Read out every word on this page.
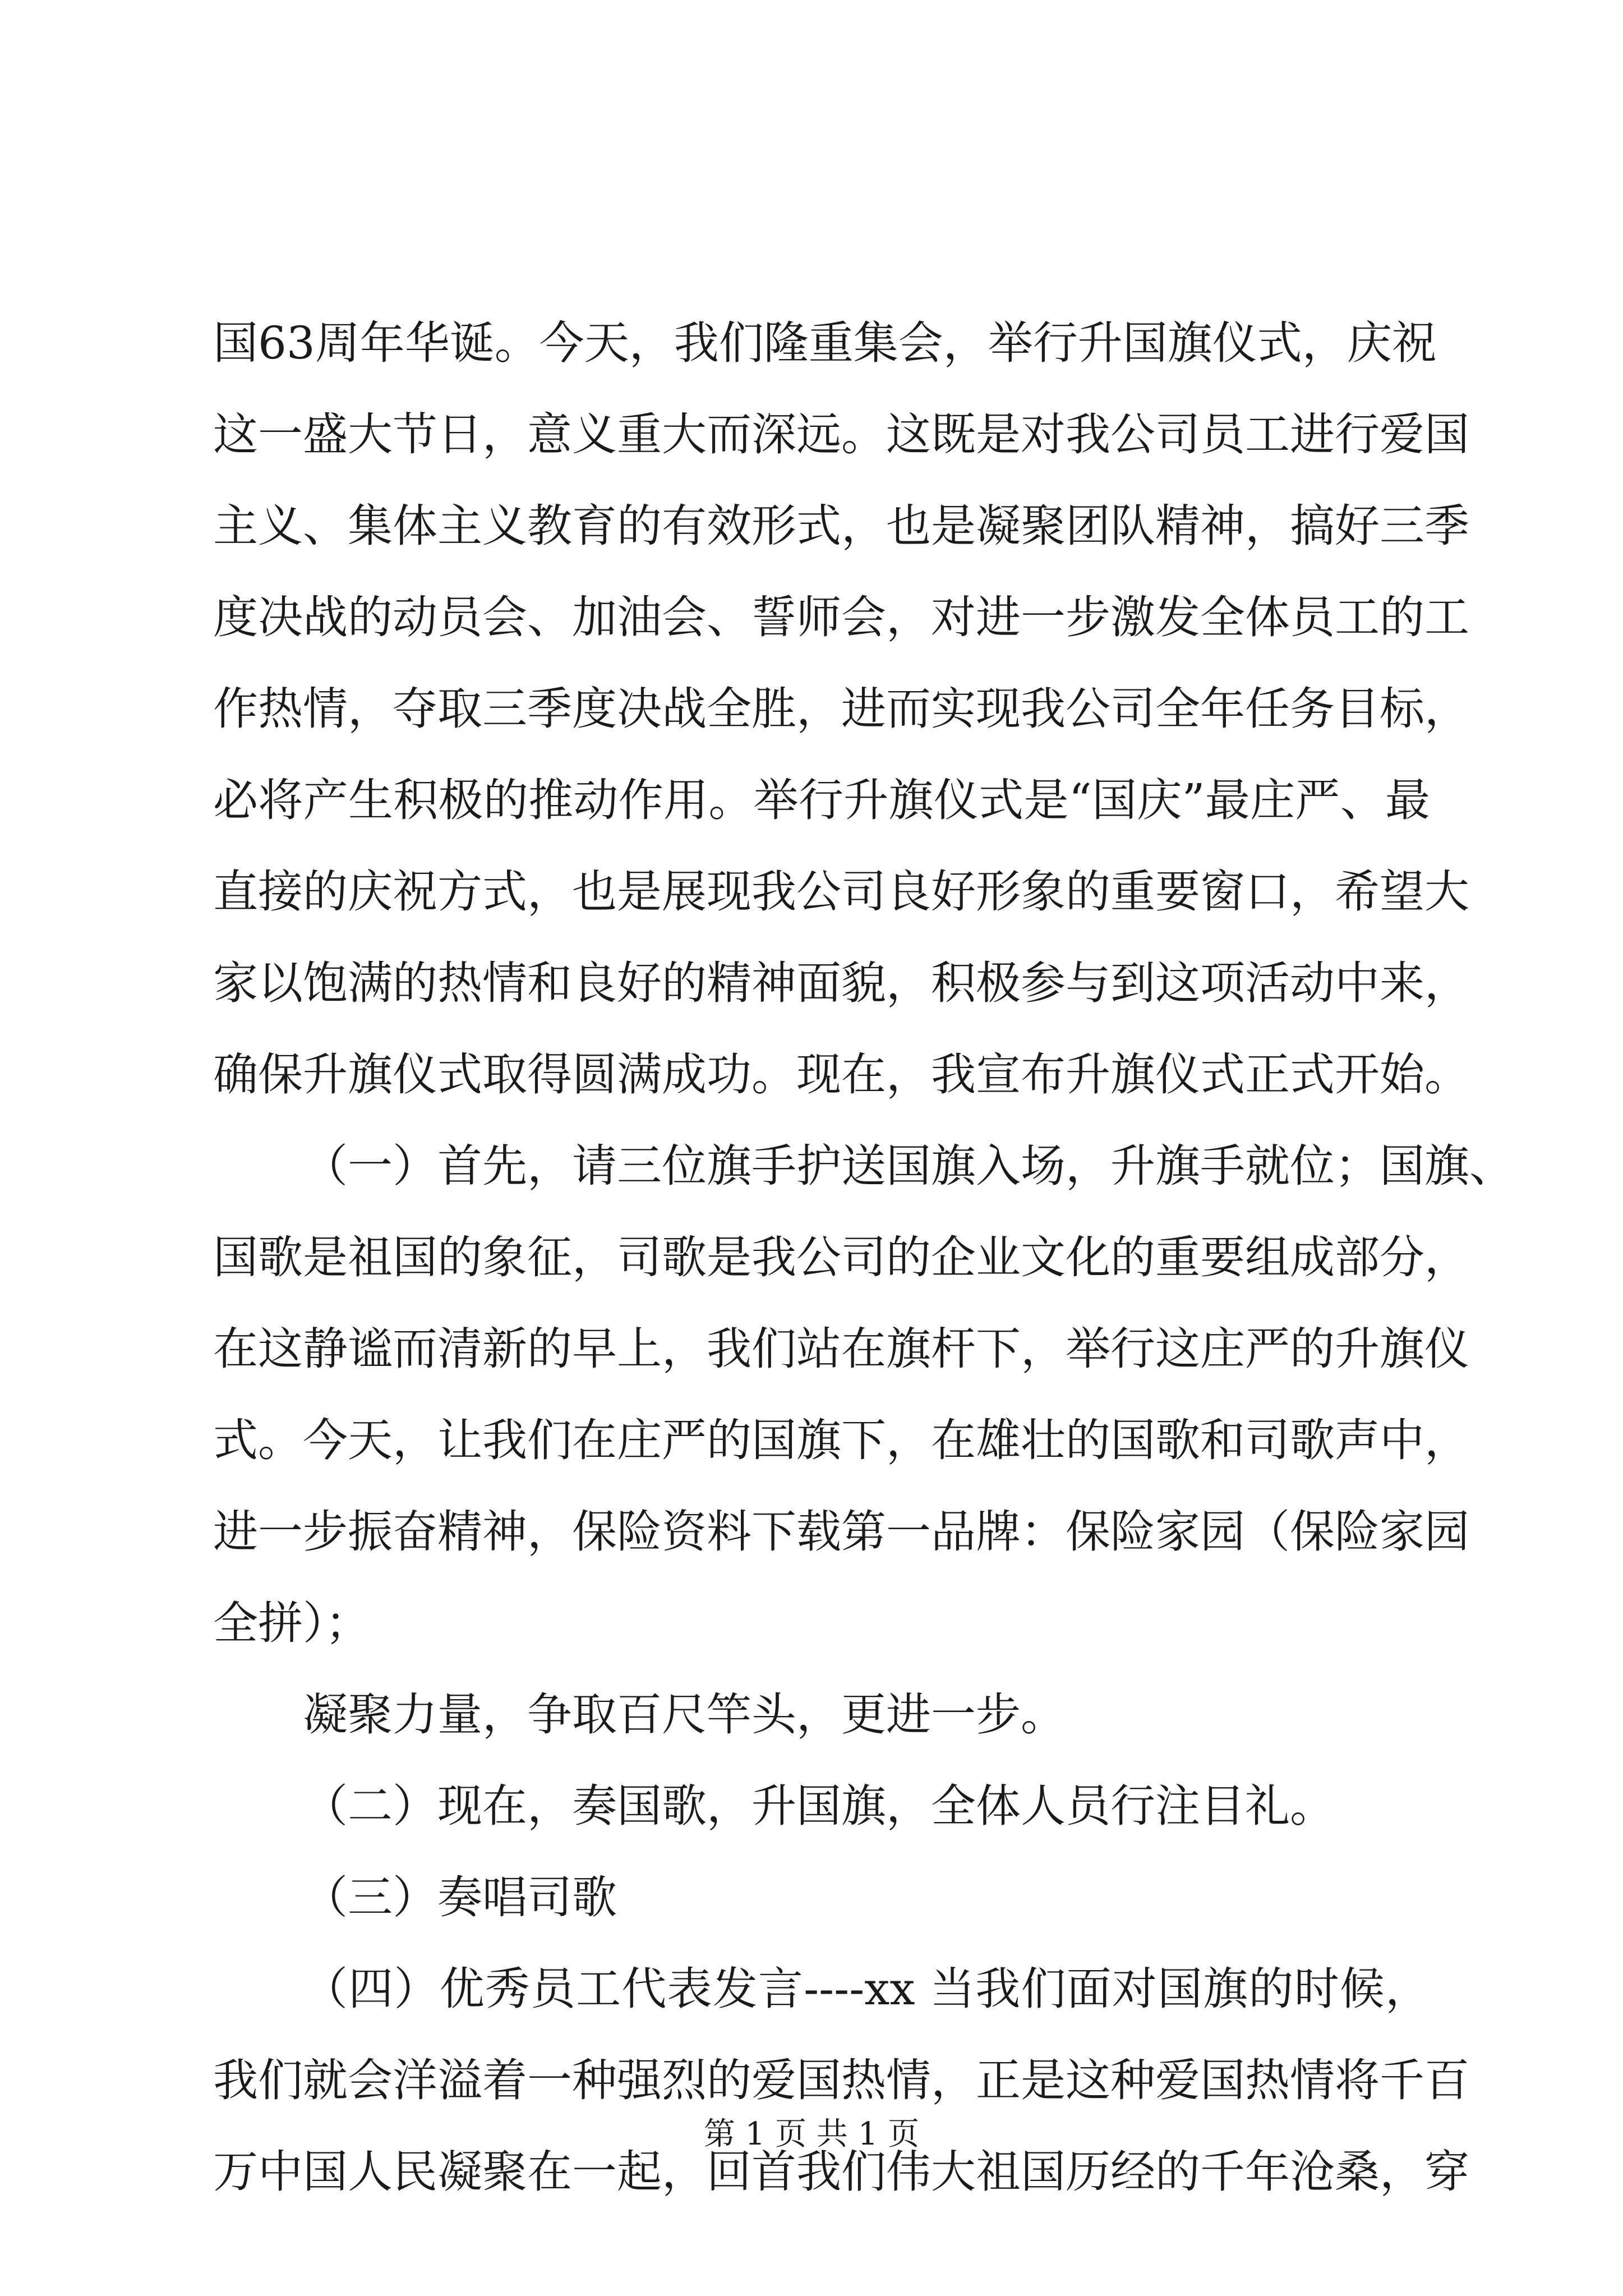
国63周年华诞。今天，我们隆重集会，举行升国旗仪式，庆祝
这一盛大节日，意义重大而深远。这既是对我公司员工进行爱国
主义、集体主义教育的有效形式，也是凝聚团队精神，搞好三季
度决战的动员会、加油会、誓师会，对进一步激发全体员工的工
作热情，夺取三季度决战全胜，进而实现我公司全年任务目标，
必将产生积极的推动作用。举行升旗仪式是“国庆”最庄严、最
直接的庆祝方式，也是展现我公司良好形象的重要窗口，希望大
家以饱满的热情和良好的精神面貌，积极参与到这项活动中来，
确保升旗仪式取得圆满成功。现在，我宣布升旗仪式正式开始。
（一）首先，请三位旗手护送国旗入场，升旗手就位；国旗、
国歌是祖国的象征，司歌是我公司的企业文化的重要组成部分，
在这静谧而清新的早上，我们站在旗杆下，举行这庄严的升旗仪
式。今天，让我们在庄严的国旗下，在雄壮的国歌和司歌声中，
进一步振奋精神，保险资料下载第一品牌：保险家园（保险家园
全拼）；
凝聚力量，争取百尺竿头，更进一步。
（二）现在，奏国歌，升国旗，全体人员行注目礼。
（三）奏唱司歌
（四）优秀员工代表发言----xx 当我们面对国旗的时候，
我们就会洋溢着一种强烈的爱国热情，正是这种爱国热情将千百
万中国人民凝聚在一起，回首我们伟大祖国历经的千年沧桑，穿
第 1 页 共 1 页
